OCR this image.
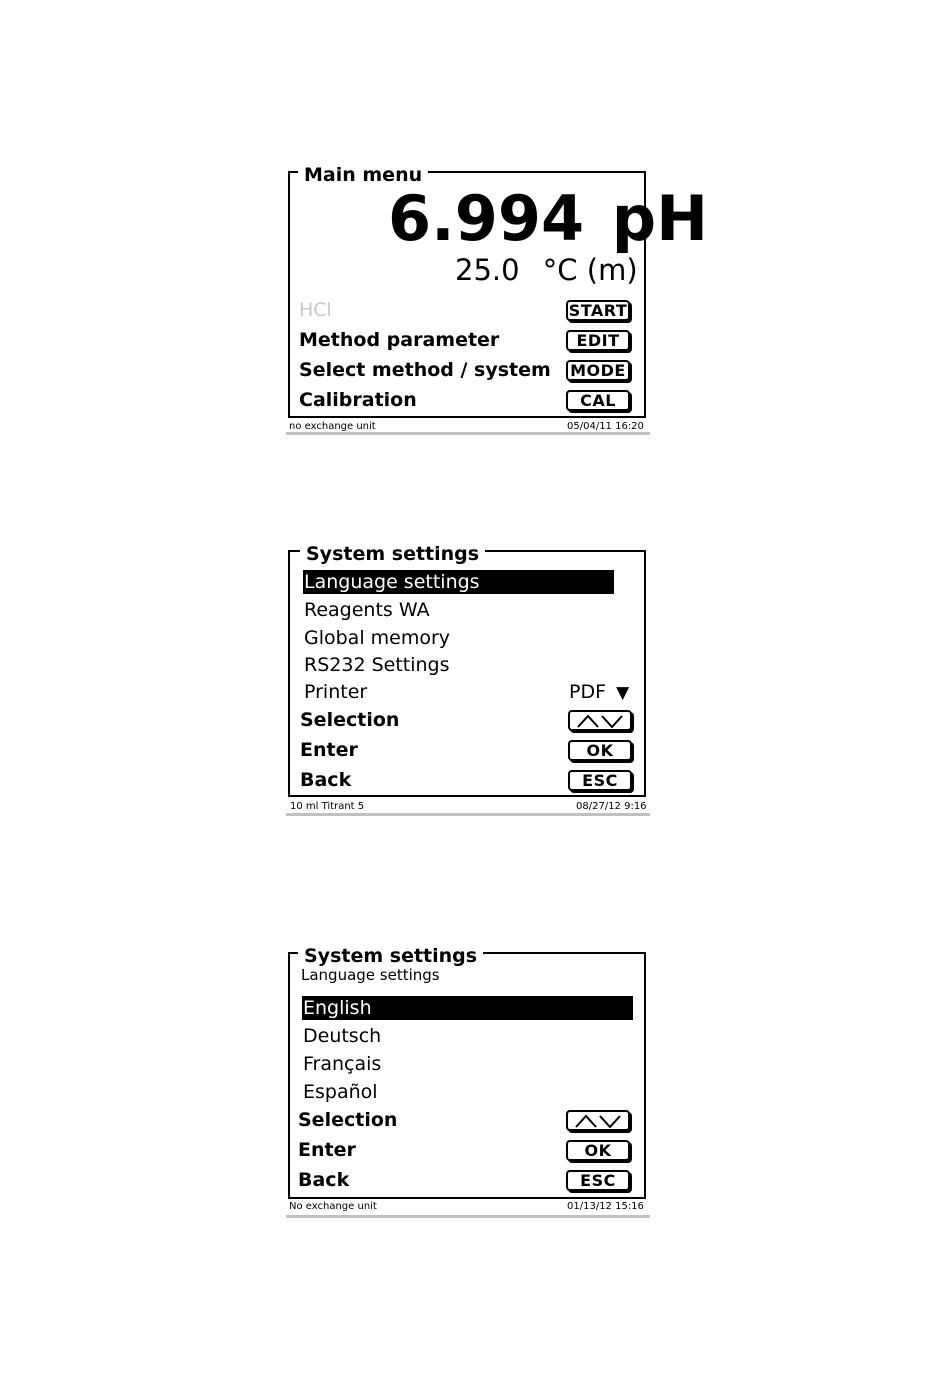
Main menu
6.994 pH
25.0 °C (m)
HCl	START
Method parameter	EDIT
Select method / system MODE
Calibration	CAL
no exchange unit	05/04/11 16:20
System settings
Language settings
Reagents WA
Global memory
RS232 Settings
Printer	PDF ▼
Selection
Enter	OK
Back	ESC
10 ml Titrant 5	08/27/12 9:16
System settings
Language settings
English
Deutsch
Français
Español
Selection
Enter	OK
Back	ESC
No exchange unit	01/13/12 15:16
